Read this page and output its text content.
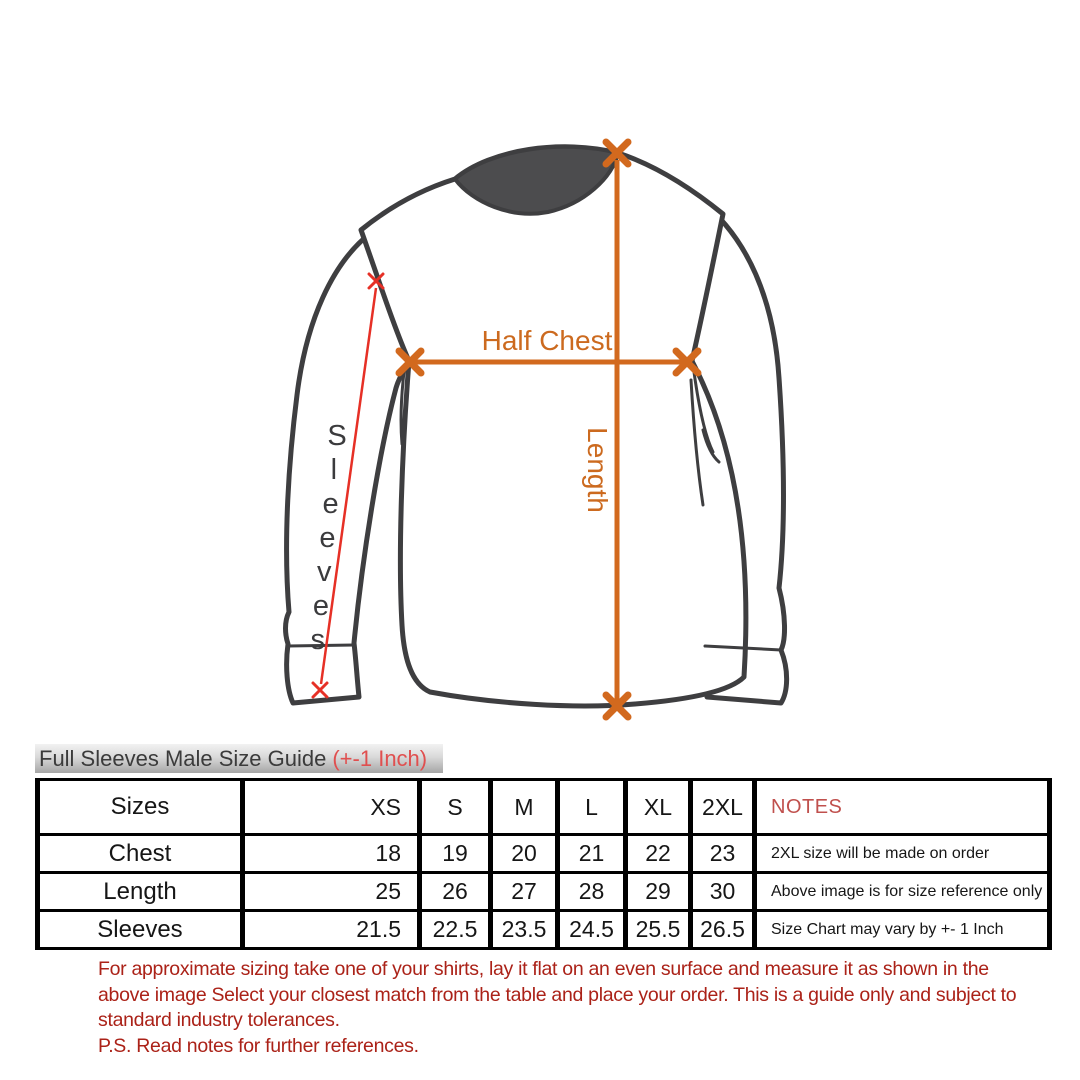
Length
Half Chest
S
l
e
e
v
e
s
Full Sleeves Male Size Guide (+-1 Inch)
Sizes	XS	S	M	L	XL	2XL	NOTES
Chest	18	19	20	21	22	23	2XL size will be made on order
Length	25	26	27	28	29	30	Above image is for size reference only
Sleeves	21.5	22.5	23.5	24.5	25.5	26.5	Size Chart may vary by +- 1 Inch
For approximate sizing take one of your shirts, lay it flat on an even surface and measure it as shown in the
above image Select your closest match from the table and place your order. This is a guide only and subject to
standard industry tolerances.
P.S. Read notes for further references.
